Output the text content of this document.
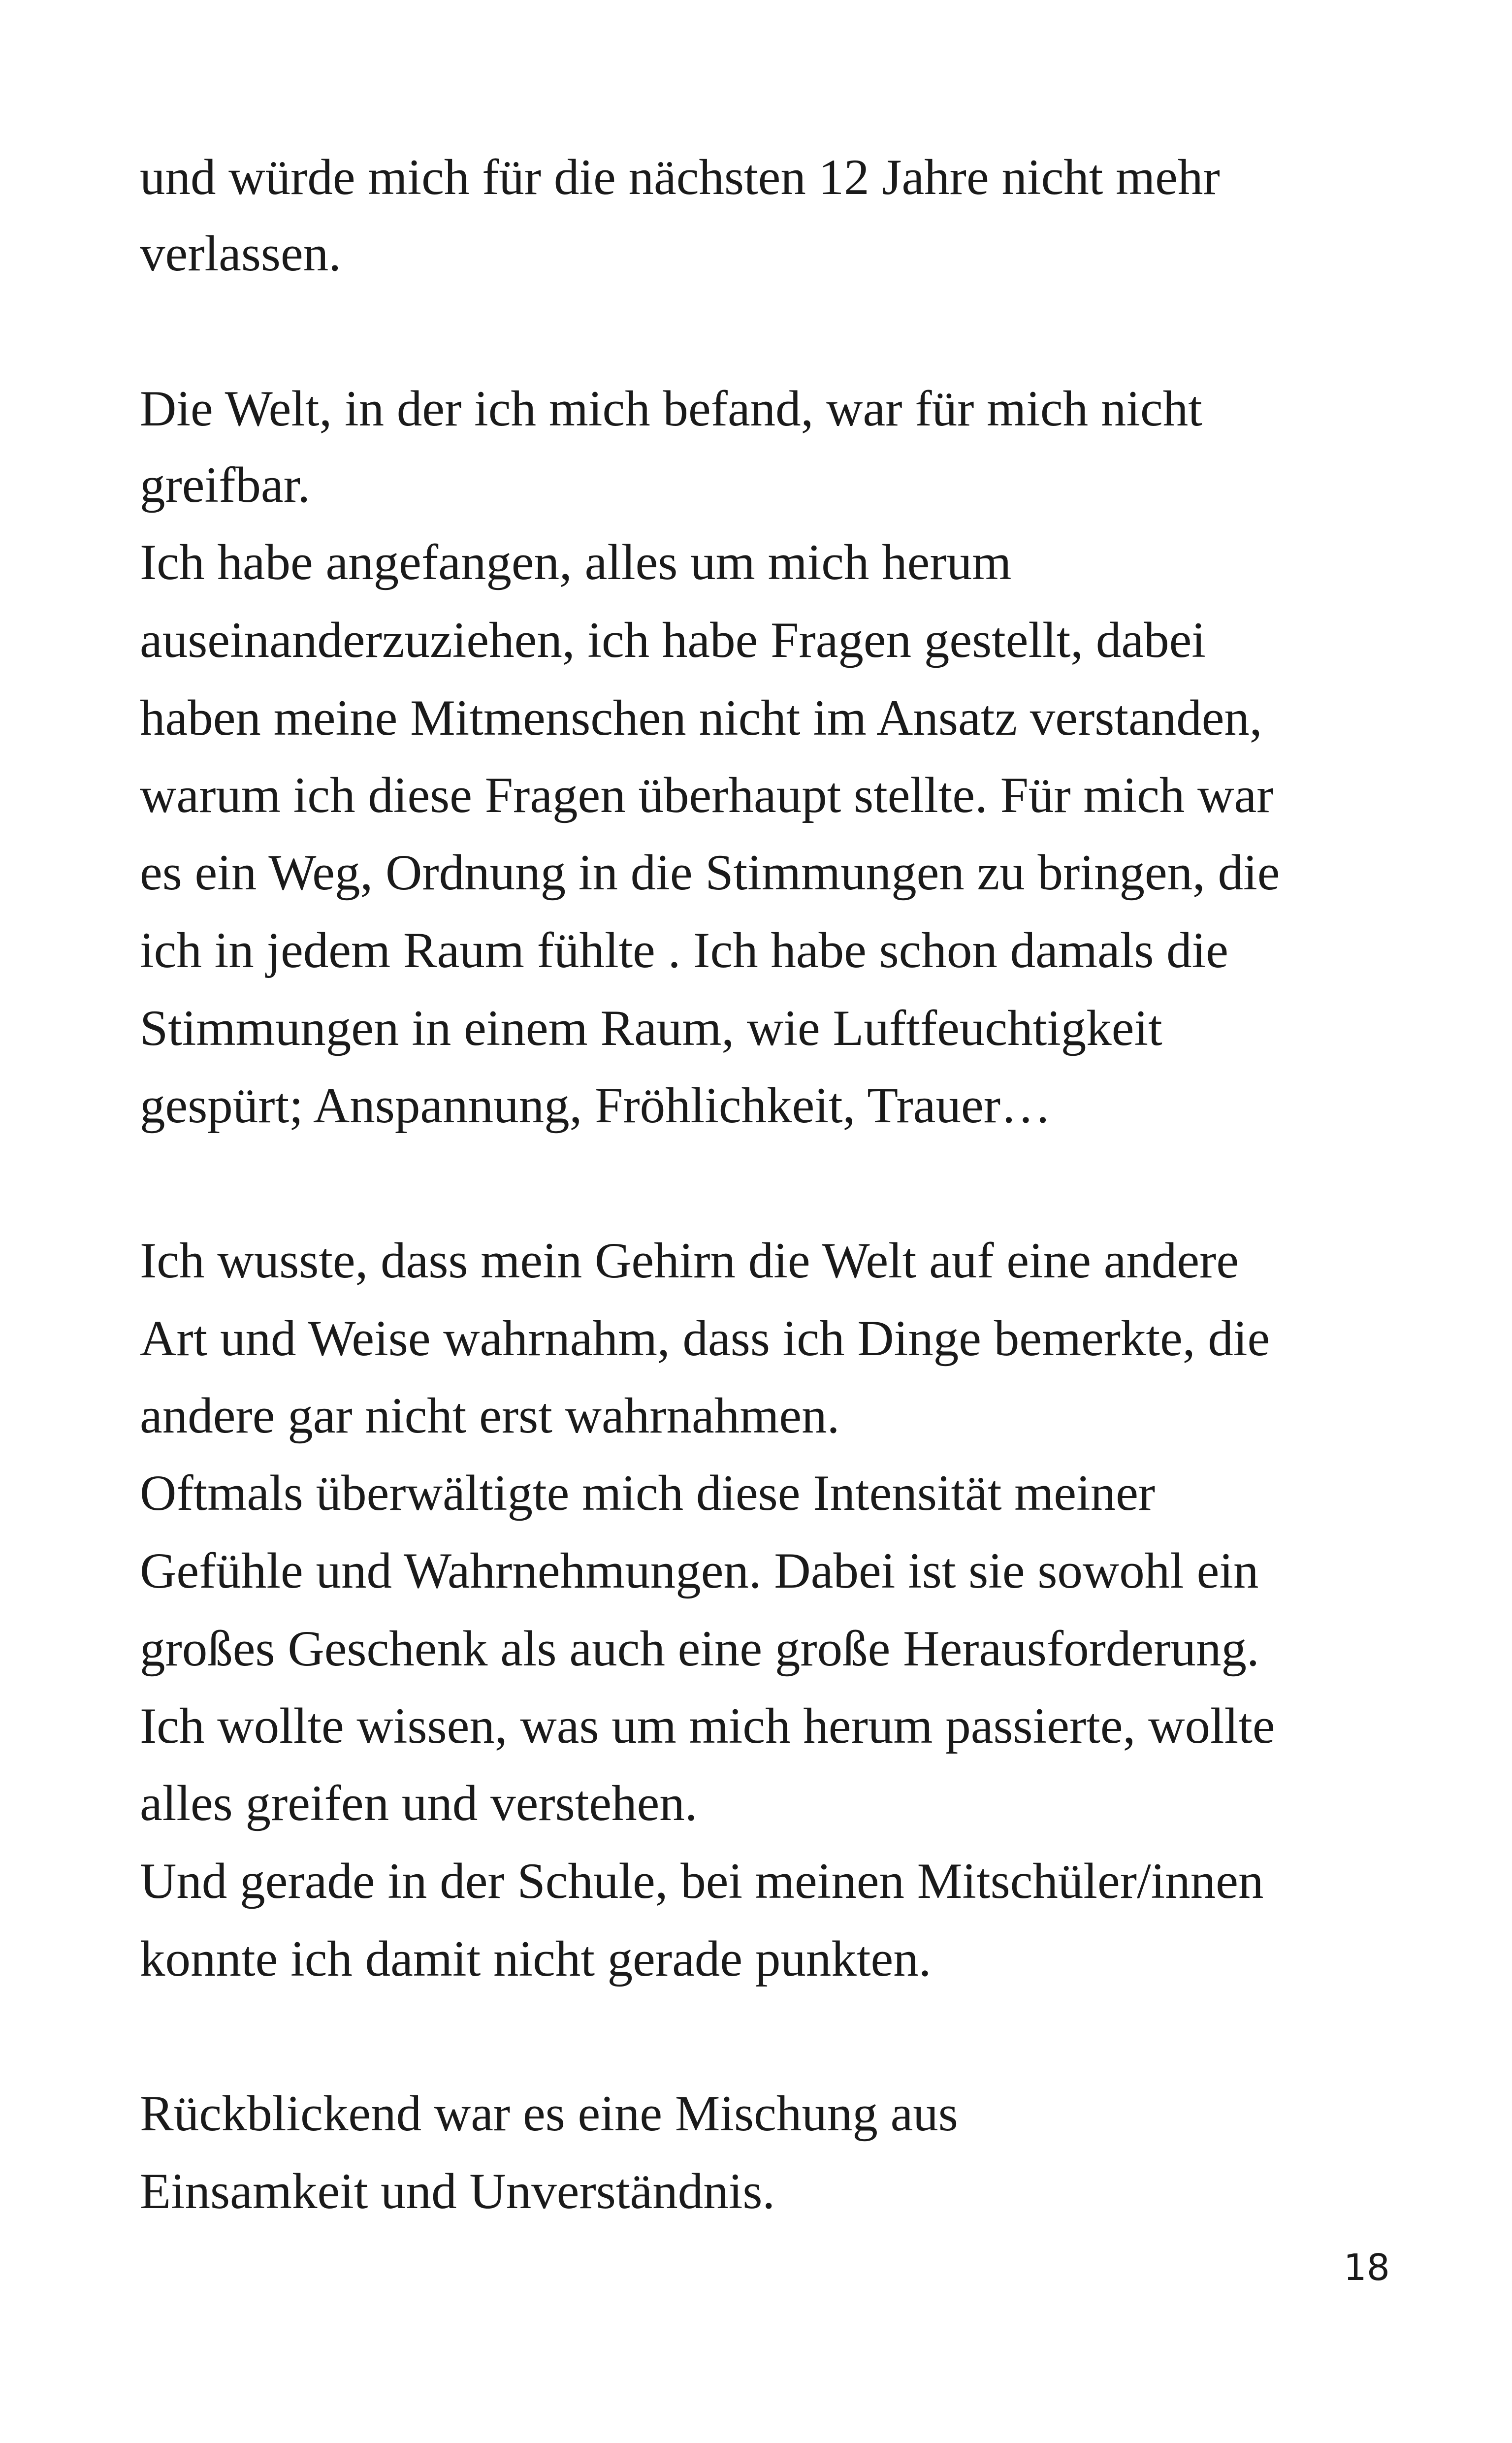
und würde mich für die nächsten 12 Jahre nicht mehr

verlassen.

Die Welt, in der ich mich befand, war für mich nicht

greifbar.

Ich habe angefangen, alles um mich herum

auseinanderzuziehen, ich habe Fragen gestellt, dabei

haben meine Mitmenschen nicht im Ansatz verstanden,

warum ich diese Fragen überhaupt stellte. Für mich war

es ein Weg, Ordnung in die Stimmungen zu bringen, die

ich in jedem Raum fühlte . Ich habe schon damals die

Stimmungen in einem Raum, wie Luftfeuchtigkeit

gespürt; Anspannung, Fröhlichkeit, Trauer…

Ich wusste, dass mein Gehirn die Welt auf eine andere

Art und Weise wahrnahm, dass ich Dinge bemerkte, die

andere gar nicht erst wahrnahmen.

Oftmals überwältigte mich diese Intensität meiner

Gefühle und Wahrnehmungen. Dabei ist sie sowohl ein

großes Geschenk als auch eine große Herausforderung.

Ich wollte wissen, was um mich herum passierte, wollte

alles greifen und verstehen.

Und gerade in der Schule, bei meinen Mitschüler/innen

konnte ich damit nicht gerade punkten.

Rückblickend war es eine Mischung aus

Einsamkeit und Unverständnis.

18
